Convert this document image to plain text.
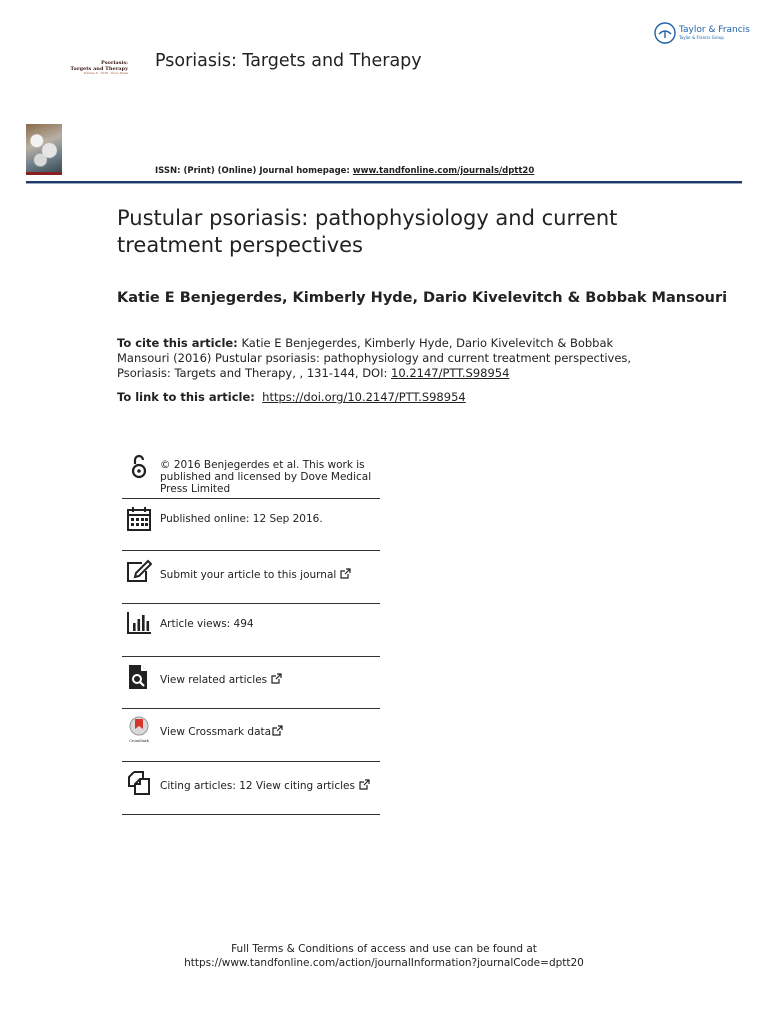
Taylor & Francis
Taylor & Francis Group
Psoriasis:
Targets and Therapy
Volume 6 · 2016 · Dove Press
Psoriasis: Targets and Therapy
ISSN: (Print) (Online) Journal homepage: www.tandfonline.com/journals/dptt20
Pustular psoriasis: pathophysiology and current treatment perspectives
Katie E Benjegerdes, Kimberly Hyde, Dario Kivelevitch & Bobbak Mansouri
To cite this article: Katie E Benjegerdes, Kimberly Hyde, Dario Kivelevitch & Bobbak Mansouri (2016) Pustular psoriasis: pathophysiology and current treatment perspectives, Psoriasis: Targets and Therapy, , 131-144, DOI: 10.2147/PTT.S98954
To link to this article: https://doi.org/10.2147/PTT.S98954
© 2016 Benjegerdes et al. This work is published and licensed by Dove Medical Press Limited
Published online: 12 Sep 2016.
Submit your article to this journal
Article views: 494
View related articles
CrossMark
View Crossmark data
Citing articles: 12 View citing articles
Full Terms & Conditions of access and use can be found at
https://www.tandfonline.com/action/journalInformation?journalCode=dptt20
